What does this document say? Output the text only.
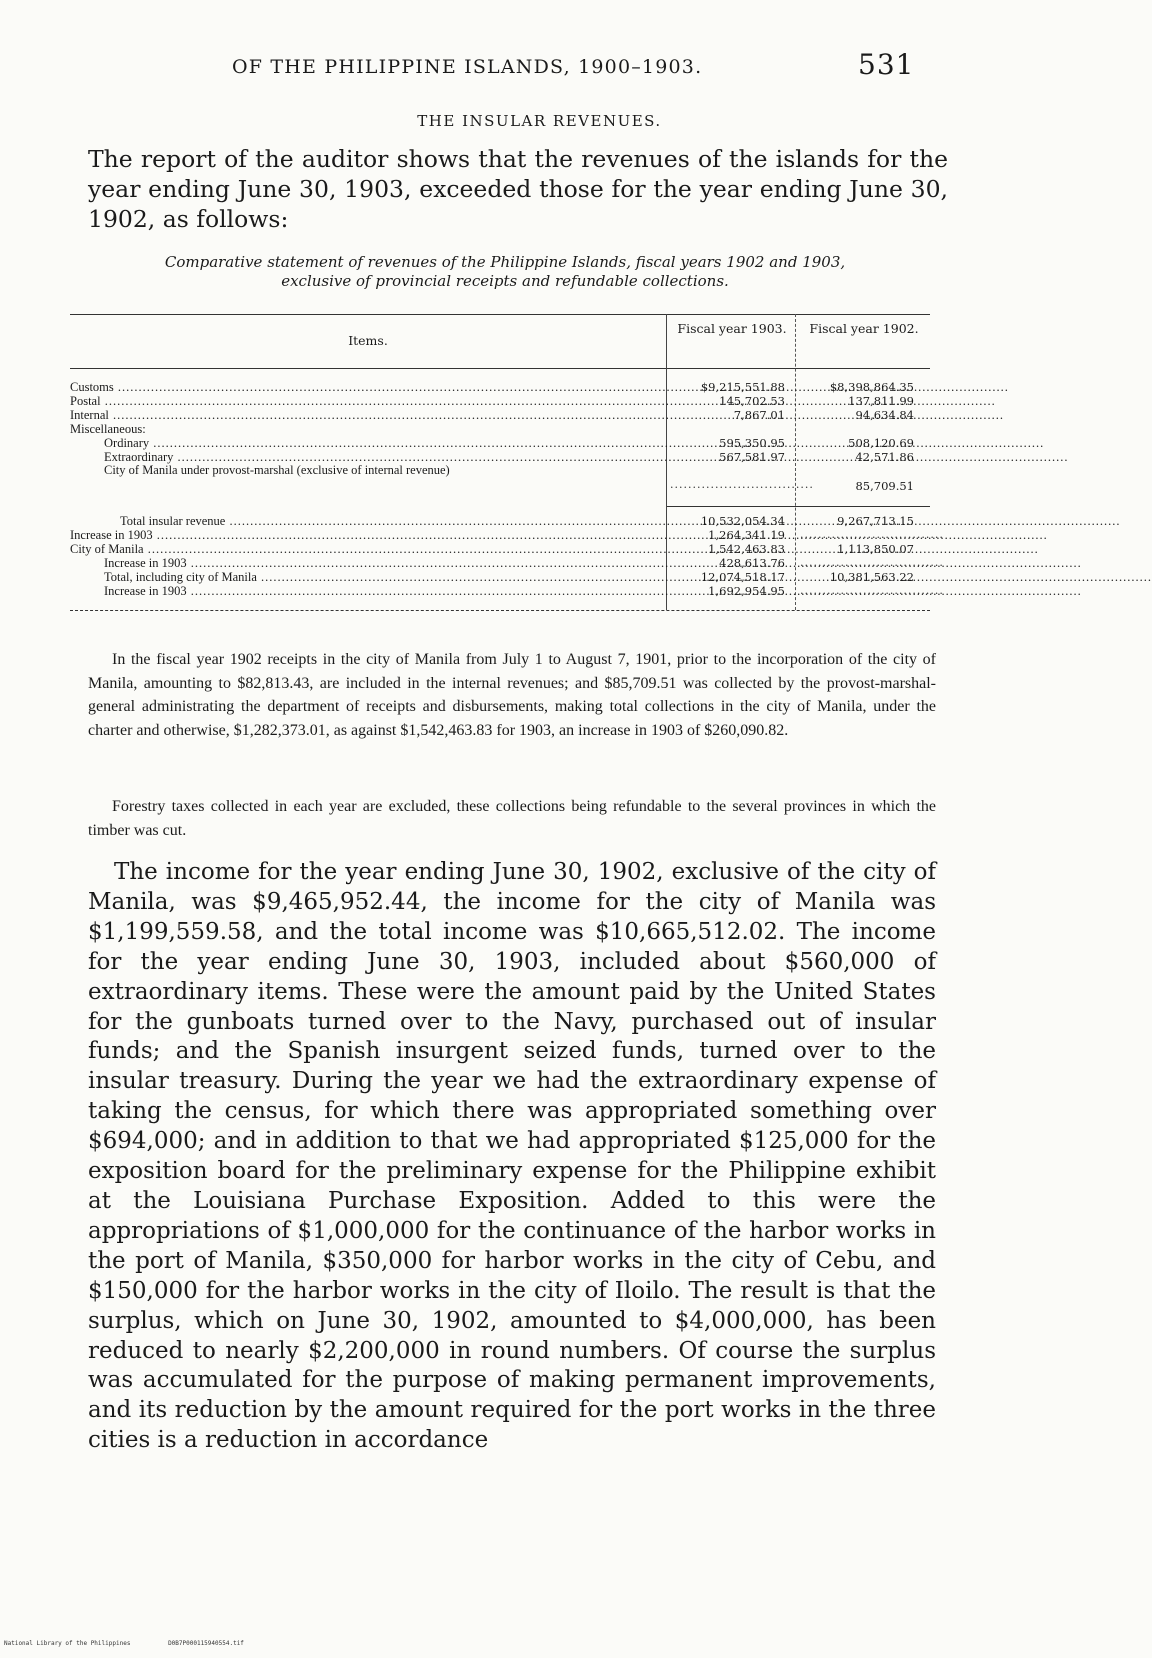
OF THE PHILIPPINE ISLANDS, 1900–1903.	531
THE INSULAR REVENUES.

The report of the auditor shows that the revenues of the islands for the year ending June 30, 1903, exceeded those for the year ending June 30, 1902, as follows:

Comparative statement of revenues of the Philippine Islands, fiscal years 1902 and 1903,
exclusive of provincial receipts and refundable collections.
Items.
Fiscal year 1903.	Fiscal year 1902.
Customs .....	$9,215,551.88	$8,398,864.35
Postal .....	145,702.53	137,811.99
Internal .....	7,867.01	94,634.84
Miscellaneous:
Ordinary .....	595,350.95	508,120.69
Extraordinary .....	567,581.97	42,571.86
City of Manila under provost-marshal (exclusive of internal revenue)
................................	85,709.51
Total insular revenue .....	10,532,054.34	9,267,713.15
Increase in 1903 .....	1,264,341.19 ................................
City of Manila .....	1,542,463.83	1,113,850.07
Increase in 1903 .....	428,613.76 ................................
Total, including city of Manila .....	12,074,518.17	10,381,563.22
Increase in 1903 .....	1,692,954.95 ................................

In the fiscal year 1902 receipts in the city of Manila from July 1 to August 7, 1901, prior to the incorporation of the city of Manila, amounting to $82,813.43, are included in the internal revenues; and $85,709.51 was collected by the provost-marshal-general administrating the department of receipts and disbursements, making total collections in the city of Manila, under the charter and otherwise, $1,282,373.01, as against $1,542,463.83 for 1903, an increase in 1903 of $260,090.82.

Forestry taxes collected in each year are excluded, these collections being refundable to the several provinces in which the timber was cut.

The income for the year ending June 30, 1902, exclusive of the city of Manila, was $9,465,952.44, the income for the city of Manila was $1,199,559.58, and the total income was $10,665,512.02. The income for the year ending June 30, 1903, included about $560,000 of extraordinary items. These were the amount paid by the United States for the gunboats turned over to the Navy, purchased out of insular funds; and the Spanish insurgent seized funds, turned over to the insular treasury. During the year we had the extraordinary expense of taking the census, for which there was appropriated something over $694,000; and in addition to that we had appropriated $125,000 for the exposition board for the preliminary expense for the Philippine exhibit at the Louisiana Purchase Exposition. Added to this were the appropriations of $1,000,000 for the continuance of the harbor works in the port of Manila, $350,000 for harbor works in the city of Cebu, and $150,000 for the harbor works in the city of Iloilo. The result is that the surplus, which on June 30, 1902, amounted to $4,000,000, has been reduced to nearly $2,200,000 in round numbers. Of course the surplus was accumulated for the purpose of making permanent improvements, and its reduction by the amount required for the port works in the three cities is a reduction in accordance

National Library of the Philippines	D0B7P000115940554.tif
